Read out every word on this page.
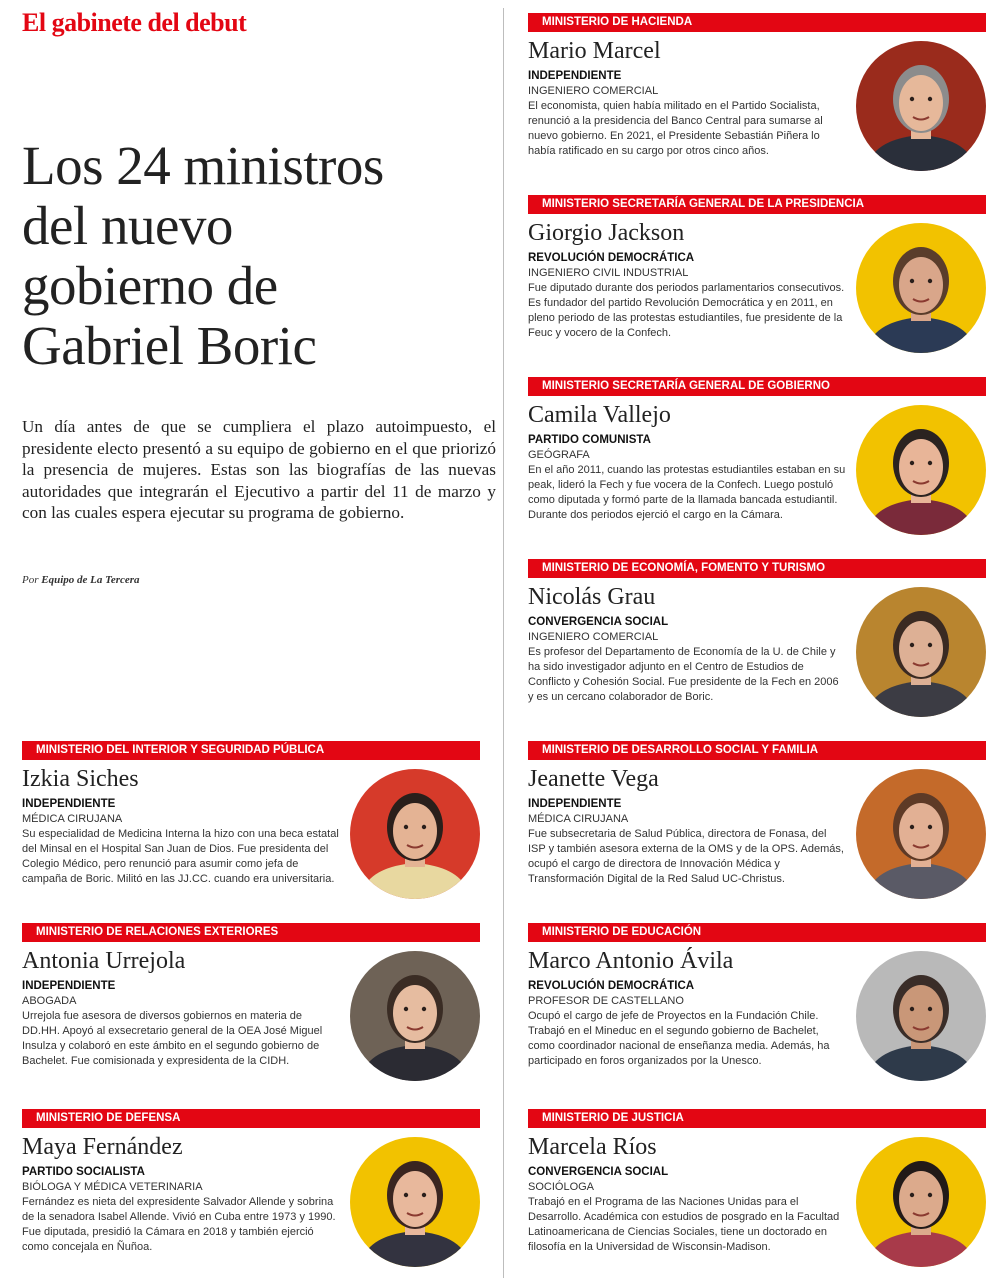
El gabinete del debut
Los 24 ministros
del nuevo
gobierno de
Gabriel Boric

Un día antes de que se cumpliera el plazo autoimpuesto, el presidente electo presentó a su equipo de gobierno en el que priorizó la presencia de mujeres. Estas son las biografías de las nuevas autoridades que integrarán el Ejecutivo a partir del 11 de marzo y con las cuales espera ejecutar su programa de gobierno.

Por Equipo de La Tercera
MINISTERIO DE HACIENDA
Mario Marcel
INDEPENDIENTE
INGENIERO COMERCIAL
El economista, quien había militado en el Partido Socialista, renunció a la presidencia del Banco Central para sumarse al nuevo gobierno. En 2021, el Presidente Sebastián Piñera lo había ratificado en su cargo por otros cinco años.
MINISTERIO SECRETARÍA GENERAL DE LA PRESIDENCIA
Giorgio Jackson
REVOLUCIÓN DEMOCRÁTICA
INGENIERO CIVIL INDUSTRIAL
Fue diputado durante dos periodos parlamentarios consecutivos. Es fundador del partido Revolución Democrática y en 2011, en pleno periodo de las protestas estudiantiles, fue presidente de la Feuc y vocero de la Confech.
MINISTERIO SECRETARÍA GENERAL DE GOBIERNO
Camila Vallejo
PARTIDO COMUNISTA
GEÓGRAFA
En el año 2011, cuando las protestas estudiantiles estaban en su peak, lideró la Fech y fue vocera de la Confech. Luego postuló como diputada y formó parte de la llamada bancada estudiantil. Durante dos periodos ejerció el cargo en la Cámara.
MINISTERIO DE ECONOMÍA, FOMENTO Y TURISMO
Nicolás Grau
CONVERGENCIA SOCIAL
INGENIERO COMERCIAL
Es profesor del Departamento de Economía de la U. de Chile y ha sido investigador adjunto en el Centro de Estudios de Conflicto y Cohesión Social. Fue presidente de la Fech en 2006 y es un cercano colaborador de Boric.
MINISTERIO DEL INTERIOR Y SEGURIDAD PÚBLICA
Izkia Siches
INDEPENDIENTE
MÉDICA CIRUJANA
Su especialidad de Medicina Interna la hizo con una beca estatal del Minsal en el Hospital San Juan de Dios. Fue presidenta del Colegio Médico, pero renunció para asumir como jefa de campaña de Boric. Militó en las JJ.CC. cuando era universitaria.
MINISTERIO DE DESARROLLO SOCIAL Y FAMILIA
Jeanette Vega
INDEPENDIENTE
MÉDICA CIRUJANA
Fue subsecretaria de Salud Pública, directora de Fonasa, del ISP y también asesora externa de la OMS y de la OPS. Además, ocupó el cargo de directora de Innovación Médica y Transformación Digital de la Red Salud UC-Christus.
MINISTERIO DE RELACIONES EXTERIORES
Antonia Urrejola
INDEPENDIENTE
ABOGADA
Urrejola fue asesora de diversos gobiernos en materia de DD.HH. Apoyó al exsecretario general de la OEA José Miguel Insulza y colaboró en este ámbito en el segundo gobierno de Bachelet. Fue comisionada y expresidenta de la CIDH.
MINISTERIO DE EDUCACIÓN
Marco Antonio Ávila
REVOLUCIÓN DEMOCRÁTICA
PROFESOR DE CASTELLANO
Ocupó el cargo de jefe de Proyectos en la Fundación Chile. Trabajó en el Mineduc en el segundo gobierno de Bachelet, como coordinador nacional de enseñanza media. Además, ha participado en foros organizados por la Unesco.
MINISTERIO DE DEFENSA
Maya Fernández
PARTIDO SOCIALISTA
BIÓLOGA Y MÉDICA VETERINARIA
Fernández es nieta del expresidente Salvador Allende y sobrina de la senadora Isabel Allende. Vivió en Cuba entre 1973 y 1990. Fue diputada, presidió la Cámara en 2018 y también ejerció como concejala en Ñuñoa.
MINISTERIO DE JUSTICIA
Marcela Ríos
CONVERGENCIA SOCIAL
SOCIÓLOGA
Trabajó en el Programa de las Naciones Unidas para el Desarrollo. Académica con estudios de posgrado en la Facultad Latinoamericana de Ciencias Sociales, tiene un doctorado en filosofía en la Universidad de Wisconsin-Madison.
